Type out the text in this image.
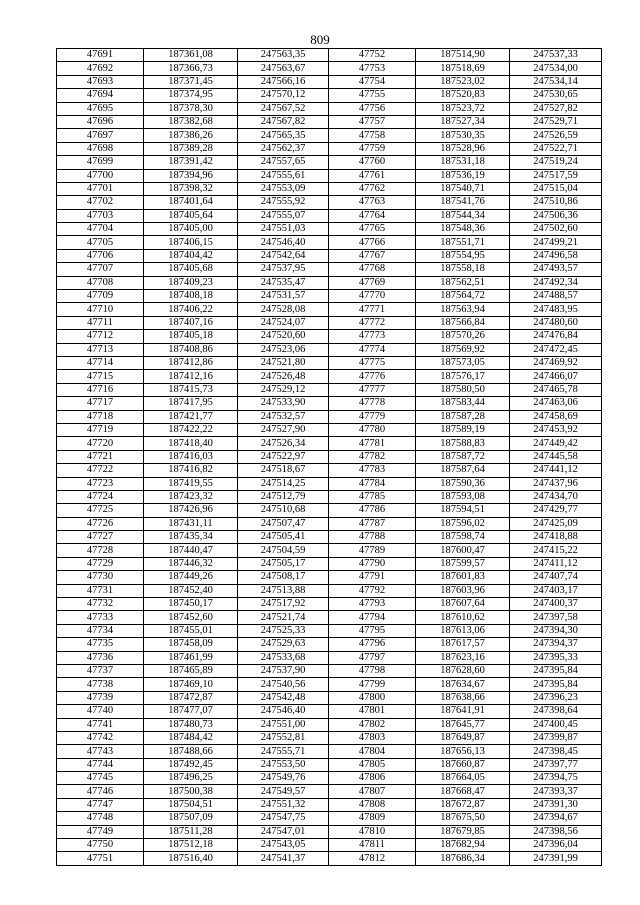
809
47691	187361,08	247563,35	47752	187514,90	247537,33
47692	187366,73	247563,67	47753	187518,69	247534,00
47693	187371,45	247566,16	47754	187523,02	247534,14
47694	187374,95	247570,12	47755	187520,83	247530,65
47695	187378,30	247567,52	47756	187523,72	247527,82
47696	187382,68	247567,82	47757	187527,34	247529,71
47697	187386,26	247565,35	47758	187530,35	247526,59
47698	187389,28	247562,37	47759	187528,96	247522,71
47699	187391,42	247557,65	47760	187531,18	247519,24
47700	187394,96	247555,61	47761	187536,19	247517,59
47701	187398,32	247553,09	47762	187540,71	247515,04
47702	187401,64	247555,92	47763	187541,76	247510,86
47703	187405,64	247555,07	47764	187544,34	247506,36
47704	187405,00	247551,03	47765	187548,36	247502,60
47705	187406,15	247546,40	47766	187551,71	247499,21
47706	187404,42	247542,64	47767	187554,95	247496,58
47707	187405,68	247537,95	47768	187558,18	247493,57
47708	187409,23	247535,47	47769	187562,51	247492,34
47709	187408,18	247531,57	47770	187564,72	247488,57
47710	187406,22	247528,08	47771	187563,94	247483,95
47711	187407,16	247524,07	47772	187566,84	247480,60
47712	187405,18	247520,60	47773	187570,26	247476,84
47713	187408,86	247523,06	47774	187569,92	247472,45
47714	187412,86	247521,80	47775	187573,05	247469,92
47715	187412,16	247526,48	47776	187576,17	247466,07
47716	187415,73	247529,12	47777	187580,50	247465,78
47717	187417,95	247533,90	47778	187583,44	247463,06
47718	187421,77	247532,57	47779	187587,28	247458,69
47719	187422,22	247527,90	47780	187589,19	247453,92
47720	187418,40	247526,34	47781	187588,83	247449,42
47721	187416,03	247522,97	47782	187587,72	247445,58
47722	187416,82	247518,67	47783	187587,64	247441,12
47723	187419,55	247514,25	47784	187590,36	247437,96
47724	187423,32	247512,79	47785	187593,08	247434,70
47725	187426,96	247510,68	47786	187594,51	247429,77
47726	187431,11	247507,47	47787	187596,02	247425,09
47727	187435,34	247505,41	47788	187598,74	247418,88
47728	187440,47	247504,59	47789	187600,47	247415,22
47729	187446,32	247505,17	47790	187599,57	247411,12
47730	187449,26	247508,17	47791	187601,83	247407,74
47731	187452,40	247513,88	47792	187603,96	247403,17
47732	187450,17	247517,92	47793	187607,64	247400,37
47733	187452,60	247521,74	47794	187610,62	247397,58
47734	187455,01	247525,33	47795	187613,06	247394,30
47735	187458,09	247529,63	47796	187617,57	247394,37
47736	187461,99	247533,68	47797	187623,16	247395,33
47737	187465,89	247537,90	47798	187628,60	247395,84
47738	187469,10	247540,56	47799	187634,67	247395,84
47739	187472,87	247542,48	47800	187638,66	247396,23
47740	187477,07	247546,40	47801	187641,91	247398,64
47741	187480,73	247551,00	47802	187645,77	247400,45
47742	187484,42	247552,81	47803	187649,87	247399,87
47743	187488,66	247555,71	47804	187656,13	247398,45
47744	187492,45	247553,50	47805	187660,87	247397,77
47745	187496,25	247549,76	47806	187664,05	247394,75
47746	187500,38	247549,57	47807	187668,47	247393,37
47747	187504,51	247551,32	47808	187672,87	247391,30
47748	187507,09	247547,75	47809	187675,50	247394,67
47749	187511,28	247547,01	47810	187679,85	247398,56
47750	187512,18	247543,05	47811	187682,94	247396,04
47751	187516,40	247541,37	47812	187686,34	247391,99
